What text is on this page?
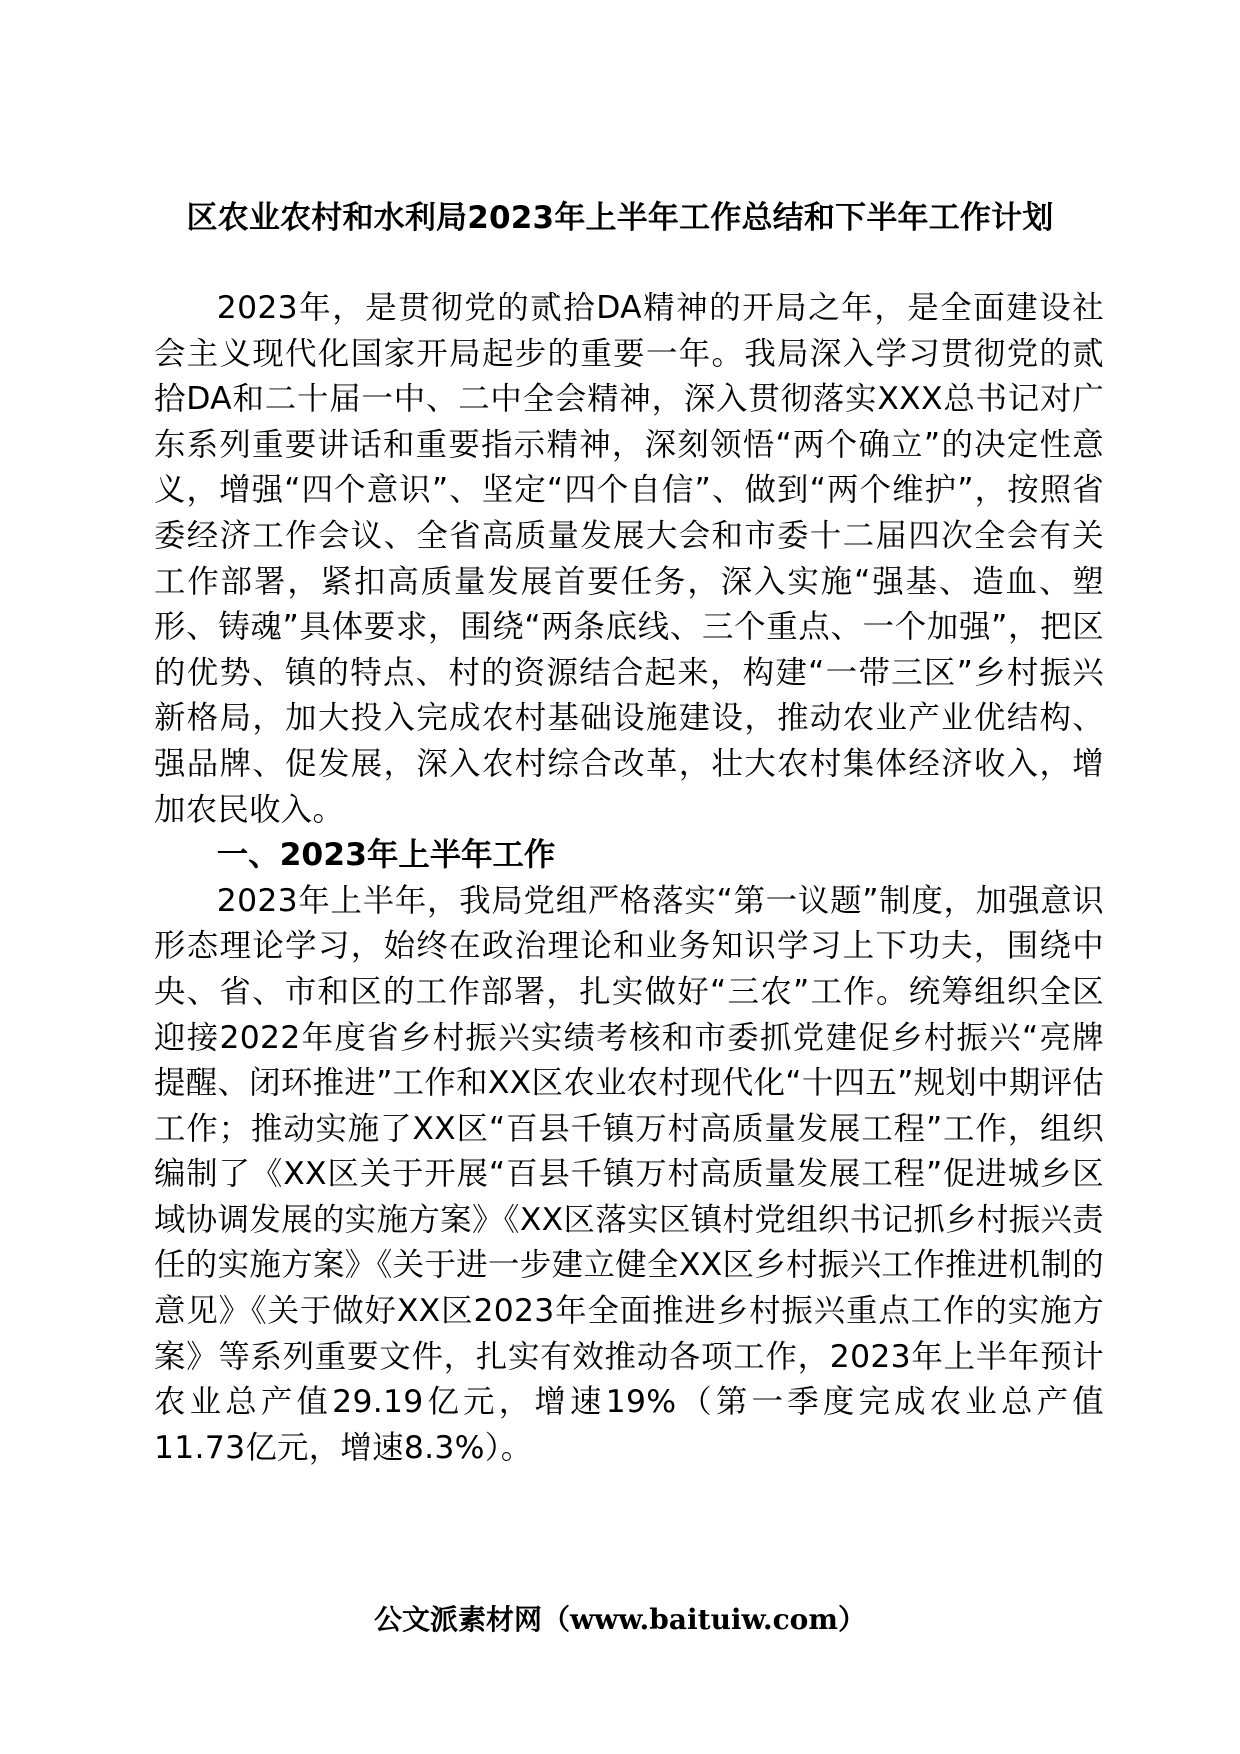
区农业农村和水利局2023年上半年工作总结和下半年工作计划

2023年，是贯彻党的贰拾DA精神的开局之年，是全面建设社会主义现代化国家开局起步的重要一年。我局深入学习贯彻党的贰拾DA和二十届一中、二中全会精神，深入贯彻落实XXX总书记对广东系列重要讲话和重要指示精神，深刻领悟“两个确立”的决定性意义，增强“四个意识”、坚定“四个自信”、做到“两个维护”，按照省委经济工作会议、全省高质量发展大会和市委十二届四次全会有关工作部署，紧扣高质量发展首要任务，深入实施“强基、造血、塑形、铸魂”具体要求，围绕“两条底线、三个重点、一个加强”，把区的优势、镇的特点、村的资源结合起来，构建“一带三区”乡村振兴新格局，加大投入完成农村基础设施建设，推动农业产业优结构、强品牌、促发展，深入农村综合改革，壮大农村集体经济收入，增加农民收入。

一、2023年上半年工作

2023年上半年，我局党组严格落实“第一议题”制度，加强意识形态理论学习，始终在政治理论和业务知识学习上下功夫，围绕中央、省、市和区的工作部署，扎实做好“三农”工作。统筹组织全区迎接2022年度省乡村振兴实绩考核和市委抓党建促乡村振兴“亮牌提醒、闭环推进”工作和XX区农业农村现代化“十四五”规划中期评估工作；推动实施了XX区“百县千镇万村高质量发展工程”工作，组织编制了《XX区关于开展“百县千镇万村高质量发展工程”促进城乡区域协调发展的实施方案》《XX区落实区镇村党组织书记抓乡村振兴责任的实施方案》《关于进一步建立健全XX区乡村振兴工作推进机制的意见》《关于做好XX区2023年全面推进乡村振兴重点工作的实施方案》等系列重要文件，扎实有效推动各项工作，2023年上半年预计农业总产值29.19亿元，增速19%（第一季度完成农业总产值11.73亿元，增速8.3%）。

公文派素材网（www.baituiw.com）
